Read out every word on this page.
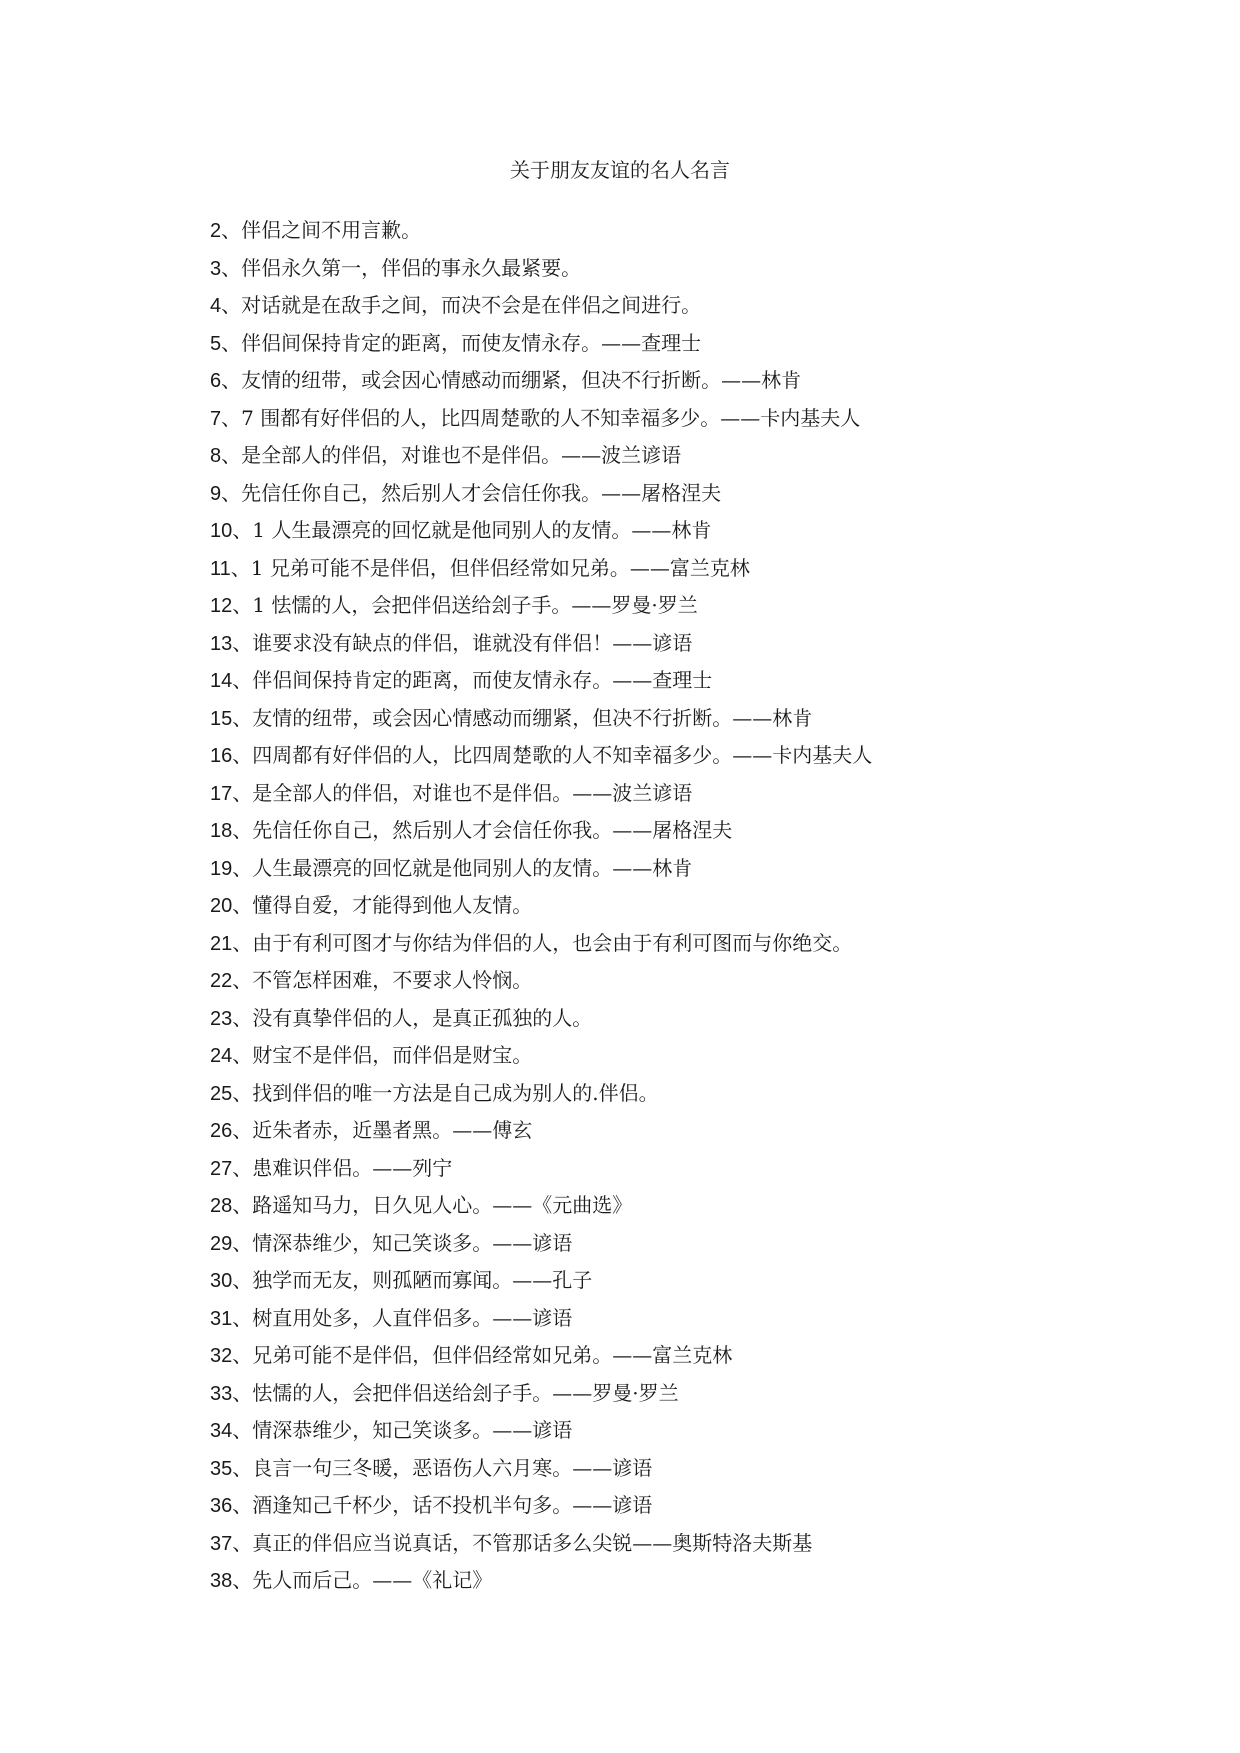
关于朋友友谊的名人名言
2、伴侣之间不用言歉。
3、伴侣永久第一，伴侣的事永久最紧要。
4、对话就是在敌手之间，而决不会是在伴侣之间进行。
5、伴侣间保持肯定的距离，而使友情永存。——查理士
6、友情的纽带，或会因心情感动而绷紧，但决不行折断。——林肯
7、7 围都有好伴侣的人，比四周楚歌的人不知幸福多少。——卡内基夫人
8、是全部人的伴侣，对谁也不是伴侣。——波兰谚语
9、先信任你自己，然后别人才会信任你我。——屠格涅夫
10、1 人生最漂亮的回忆就是他同别人的友情。——林肯
11、1 兄弟可能不是伴侣，但伴侣经常如兄弟。——富兰克林
12、1 怯懦的人，会把伴侣送给刽子手。——罗曼·罗兰
13、谁要求没有缺点的伴侣，谁就没有伴侣！——谚语
14、伴侣间保持肯定的距离，而使友情永存。——查理士
15、友情的纽带，或会因心情感动而绷紧，但决不行折断。——林肯
16、四周都有好伴侣的人，比四周楚歌的人不知幸福多少。——卡内基夫人
17、是全部人的伴侣，对谁也不是伴侣。——波兰谚语
18、先信任你自己，然后别人才会信任你我。——屠格涅夫
19、人生最漂亮的回忆就是他同别人的友情。——林肯
20、懂得自爱，才能得到他人友情。
21、由于有利可图才与你结为伴侣的人，也会由于有利可图而与你绝交。
22、不管怎样困难，不要求人怜悯。
23、没有真挚伴侣的人，是真正孤独的人。
24、财宝不是伴侣，而伴侣是财宝。
25、找到伴侣的唯一方法是自己成为别人的.伴侣。
26、近朱者赤，近墨者黑。——傅玄
27、患难识伴侣。——列宁
28、路遥知马力，日久见人心。——《元曲选》
29、情深恭维少，知己笑谈多。——谚语
30、独学而无友，则孤陋而寡闻。——孔子
31、树直用处多，人直伴侣多。——谚语
32、兄弟可能不是伴侣，但伴侣经常如兄弟。——富兰克林
33、怯懦的人，会把伴侣送给刽子手。——罗曼·罗兰
34、情深恭维少，知己笑谈多。——谚语
35、良言一句三冬暖，恶语伤人六月寒。——谚语
36、酒逢知己千杯少，话不投机半句多。——谚语
37、真正的伴侣应当说真话，不管那话多么尖锐——奥斯特洛夫斯基
38、先人而后己。——《礼记》
